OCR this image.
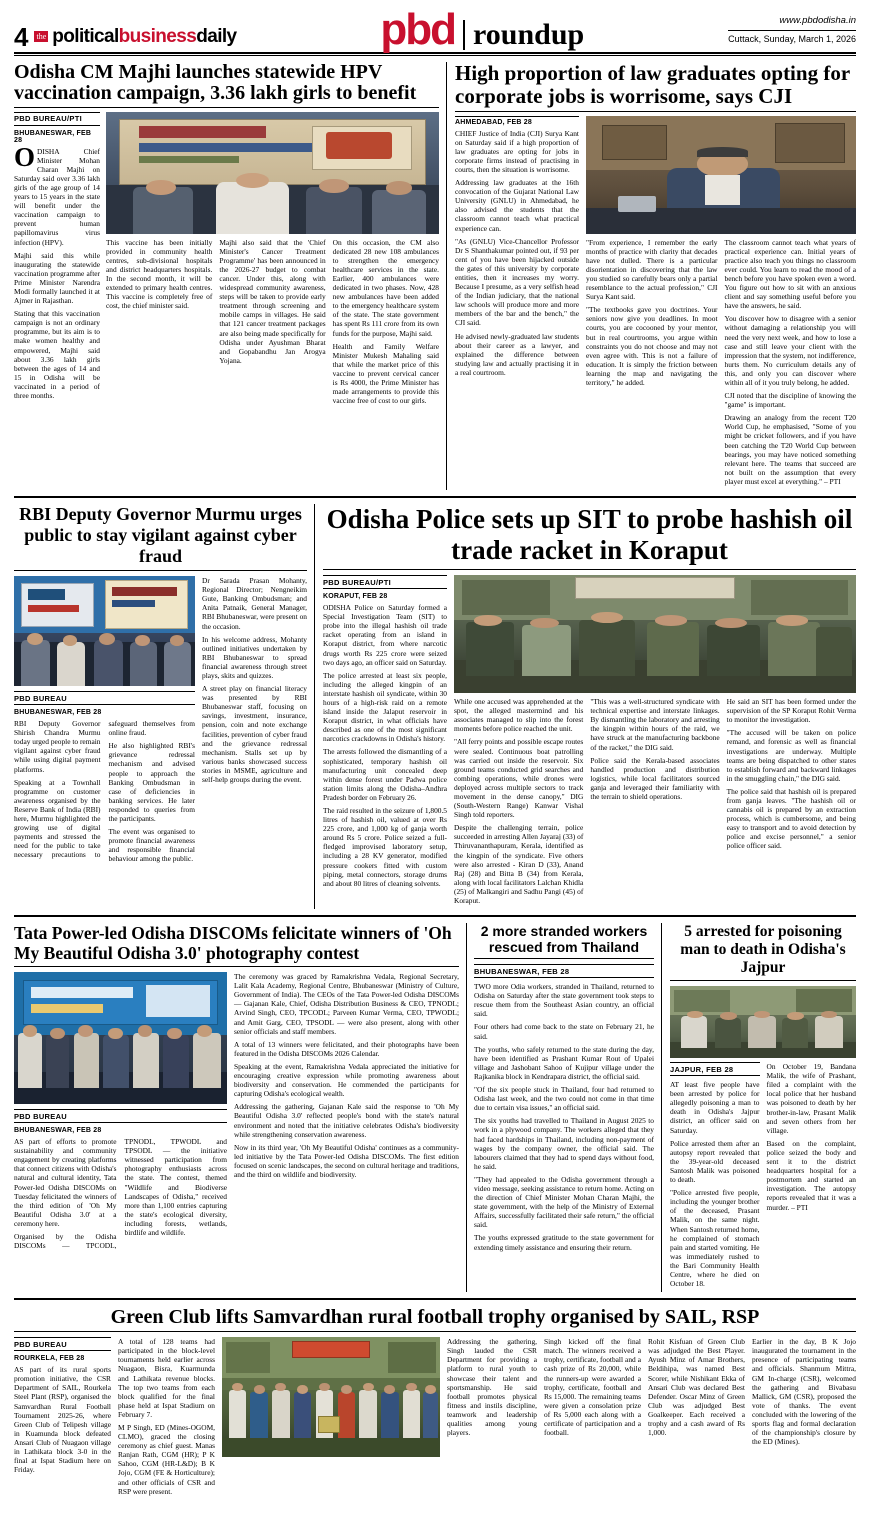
4	the political business daily	pbd roundup	www.pbdodisha.in
Cuttack, Sunday, March 1, 2026
Odisha CM Majhi launches statewide HPV vaccination campaign, 3.36 lakh girls to benefit
PBD BUREAU/PTI
BHUBANESWAR, FEB 28

ODISHA Chief Minister Mohan Charan Majhi on Saturday said over 3.36 lakh girls of the age group of 14 years to 15 years in the state will benefit under the vaccination campaign to prevent human papillomavirus virus infection (HPV).

Majhi said this while inaugurating the statewide vaccination programme after Prime Minister Narendra Modi formally launched it at Ajmer in Rajasthan.

Stating that this vaccination campaign is not an ordinary programme, but its aim is to make women healthy and empowered, Majhi said about 3.36 lakh girls between the ages of 14 and 15 in Odisha will be vaccinated in a period of three months.

This vaccine has been initially provided in community health centres, sub-divisional hospitals and district headquarters hospitals. In the second month, it will be extended to primary health centres. This vaccine is completely free of cost, the chief minister said.

Majhi also said that the 'Chief Minister's Cancer Treatment Programme' has been announced in the 2026-27 budget to combat cancer. Under this, along with widespread community awareness, steps will be taken to provide early treatment through screening and mobile camps in villages. He said that 121 cancer treatment packages are also being made specifically for Odisha under Ayushman Bharat and Gopabandhu Jan Arogya Yojana.

On this occasion, the CM also dedicated 28 new 108 ambulances to strengthen the emergency healthcare services in the state. Earlier, 400 ambulances were dedicated in two phases. Now, 428 new ambulances have been added to the emergency healthcare system of the state. The state government has spent Rs 111 crore from its own funds for the purpose, Majhi said.

Health and Family Welfare Minister Mukesh Mahaling said that while the market price of this vaccine to prevent cervical cancer is Rs 4000, the Prime Minister has made arrangements to provide this vaccine free of cost to our girls.

High proportion of law graduates opting for corporate jobs is worrisome, says CJI
AHMEDABAD, FEB 28

CHIEF Justice of India (CJI) Surya Kant on Saturday said if a high proportion of law graduates are opting for jobs in corporate firms instead of practising in courts, then the situation is worrisome.

Addressing law graduates at the 16th convocation of the Gujarat National Law University (GNLU) in Ahmedabad, he also advised the students that the classroom cannot teach what practical experience can.

"As (GNLU) Vice-Chancellor Professor Dr S Shanthakumar pointed out, if 93 per cent of you have been hijacked outside the gates of this university by corporate entities, then it increases my worry. Because I presume, as a very selfish head of the Indian judiciary, that the national law schools will produce more and more members of the bar and the bench," the CJI said.

He advised newly-graduated law students about their career as a lawyer, and explained the difference between studying law and actually practising it in a real courtroom.

"From experience, I remember the early months of practice with clarity that decades have not dulled. There is a particular disorientation in discovering that the law you studied so carefully bears only a partial resemblance to the actual profession," CJI Surya Kant said.

"The textbooks gave you doctrines. Your seniors now give you deadlines. In moot courts, you are cocooned by your mentor, but in real courtrooms, you argue within constraints you do not choose and may not even agree with. This is not a failure of education. It is simply the friction between learning the map and navigating the territory," he added.

The classroom cannot teach what years of practical experience can. Initial years of practice also teach you things no classroom ever could. You learn to read the mood of a bench before you have spoken even a word. You figure out how to sit with an anxious client and say something useful before you have the answers, he said.

You discover how to disagree with a senior without damaging a relationship you will need the very next week, and how to lose a case and still leave your client with the impression that the system, not indifference, hurts them. No curriculum details any of this, and only you can discover where within all of it you truly belong, he added.

CJI noted that the discipline of knowing the "game" is important.

Drawing an analogy from the recent T20 World Cup, he emphasised, "Some of you might be cricket followers, and if you have been catching the T20 World Cup between bearings, you may have noticed something relevant here. The teams that succeed are not built on the assumption that every player must excel at everything." – PTI

RBI Deputy Governor Murmu urges public to stay vigilant against cyber fraud
PBD BUREAU
BHUBANESWAR, FEB 28

RBI Deputy Governor Shirish Chandra Murmu today urged people to remain vigilant against cyber fraud while using digital payment platforms.

Speaking at a Townhall programme on customer awareness organised by the Reserve Bank of India (RBI) here, Murmu highlighted the growing use of digital payments and stressed the need for the public to take necessary precautions to safeguard themselves from online fraud.

He also highlighted RBI's grievance redressal mechanism and advised people to approach the Banking Ombudsman in case of deficiencies in banking services. He later responded to queries from the participants.

The event was organised to promote financial awareness and responsible financial behaviour among the public.

Dr Sarada Prasan Mohanty, Regional Director; Nengneikim Gute, Banking Ombudsman; and Anita Patnaik, General Manager, RBI Bhubaneswar, were present on the occasion.

In his welcome address, Mohanty outlined initiatives undertaken by RBI Bhubaneswar to spread financial awareness through street plays, skits and quizzes.

A street play on financial literacy was presented by RBI Bhubaneswar staff, focusing on savings, investment, insurance, pension, coin and note exchange facilities, prevention of cyber fraud and the grievance redressal mechanism. Stalls set up by various banks showcased success stories in MSME, agriculture and self-help groups during the event.

Odisha Police sets up SIT to probe hashish oil trade racket in Koraput
PBD BUREAU/PTI
KORAPUT, FEB 28

ODISHA Police on Saturday formed a Special Investigation Team (SIT) to probe into the illegal hashish oil trade racket operating from an island in Koraput district, from where narcotic drugs worth Rs 225 crore were seized two days ago, an officer said on Saturday.

The police arrested at least six people, including the alleged kingpin of an interstate hashish oil syndicate, within 30 hours of a high-risk raid on a remote island inside the Jalaput reservoir in Koraput district, in what officials have described as one of the most significant narcotics crackdowns in Odisha's history.

The arrests followed the dismantling of a sophisticated, temporary hashish oil manufacturing unit concealed deep within dense forest under Padwa police station limits along the Odisha–Andhra Pradesh border on February 26.

The raid resulted in the seizure of 1,800.5 litres of hashish oil, valued at over Rs 225 crore, and 1,000 kg of ganja worth around Rs 5 crore. Police seized a full-fledged improvised laboratory setup, including a 28 KV generator, modified pressure cookers fitted with custom piping, metal connectors, storage drums and about 80 litres of cleaning solvents.

While one accused was apprehended at the spot, the alleged mastermind and his associates managed to slip into the forest moments before police reached the unit.

"All ferry points and possible escape routes were sealed. Continuous boat patrolling was carried out inside the reservoir. Six ground teams conducted grid searches and combing operations, while drones were deployed across multiple sectors to track movement in the dense canopy," DIG (South-Western Range) Kanwar Vishal Singh told reporters.

Despite the challenging terrain, police succeeded in arresting Allen Jayaraj (33) of Thiruvananthapuram, Kerala, identified as the kingpin of the syndicate. Five others were also arrested - Kiran D (33), Anand Raj (28) and Bitta B (34) from Kerala, along with local facilitators Lalchan Khidla (25) of Malkangiri and Sadhu Pangi (45) of Koraput.

"This was a well-structured syndicate with technical expertise and interstate linkages. By dismantling the laboratory and arresting the kingpin within hours of the raid, we have struck at the manufacturing backbone of the racket," the DIG said.

Police said the Kerala-based associates handled production and distribution logistics, while local facilitators sourced ganja and leveraged their familiarity with the terrain to shield operations.

He said an SIT has been formed under the supervision of the SP Koraput Rohit Verma to monitor the investigation.

"The accused will be taken on police remand, and forensic as well as financial investigations are underway. Multiple teams are being dispatched to other states to establish forward and backward linkages in the smuggling chain," the DIG said.

The police said that hashish oil is prepared from ganja leaves. "The hashish oil or cannabis oil is prepared by an extraction process, which is cumbersome, and being easy to transport and to avoid detection by police and excise personnel," a senior police officer said.

Tata Power-led Odisha DISCOMs felicitate winners of 'Oh My Beautiful Odisha 3.0' photography contest
PBD BUREAU
BHUBANESWAR, FEB 28

AS part of efforts to promote sustainability and community engagement by creating platforms that connect citizens with Odisha's natural and cultural identity, Tata Power-led Odisha DISCOMs on Tuesday felicitated the winners of the third edition of 'Oh My Beautiful Odisha 3.0' at a ceremony here.

Organised by the Odisha DISCOMs — TPCODL, TPNODL, TPWODL and TPSODL — the initiative witnessed participation from photography enthusiasts across the state. The contest, themed "Wildlife and Biodiverse Landscapes of Odisha," received more than 1,100 entries capturing the state's ecological diversity, including forests, wetlands, birdlife and wildlife.

The ceremony was graced by Ramakrishna Vedala, Regional Secretary, Lalit Kala Academy, Regional Centre, Bhubaneswar (Ministry of Culture, Government of India). The CEOs of the Tata Power-led Odisha DISCOMs — Gajanan Kale, Chief, Odisha Distribution Business & CEO, TPNODL; Arvind Singh, CEO, TPCODL; Parveen Kumar Verma, CEO, TPWODL; and Amit Garg, CEO, TPSODL — were also present, along with other senior officials and staff members.

A total of 13 winners were felicitated, and their photographs have been featured in the Odisha DISCOMs 2026 Calendar.

Speaking at the event, Ramakrishna Vedala appreciated the initiative for encouraging creative expression while promoting awareness about biodiversity and conservation. He commended the participants for capturing Odisha's ecological wealth.

Addressing the gathering, Gajanan Kale said the response to 'Oh My Beautiful Odisha 3.0' reflected people's bond with the state's natural environment and noted that the initiative celebrates Odisha's biodiversity while strengthening conservation awareness.

Now in its third year, 'Oh My Beautiful Odisha' continues as a community-led initiative by the Tata Power-led Odisha DISCOMs. The first edition focused on scenic landscapes, the second on cultural heritage and traditions, and the third on wildlife and biodiversity.

2 more stranded workers rescued from Thailand
BHUBANESWAR, FEB 28

TWO more Odia workers, stranded in Thailand, returned to Odisha on Saturday after the state government took steps to rescue them from the Southeast Asian country, an official said.

Four others had come back to the state on February 21, he said.

The youths, who safely returned to the state during the day, have been identified as Prashant Kumar Rout of Upalei village and Jashobant Sahoo of Kujipur village under the Rajkanika block in Kendrapara district, the official said.

"Of the six people stuck in Thailand, four had returned to Odisha last week, and the two could not come in that time due to certain visa issues," an official said.

The six youths had travelled to Thailand in August 2025 to work in a plywood company. The workers alleged that they had faced hardships in Thailand, including non-payment of wages by the company owner, the official said. The labourers claimed that they had to spend days without food, he said.

"They had appealed to the Odisha government through a video message, seeking assistance to return home. Acting on the direction of Chief Minister Mohan Charan Majhi, the state government, with the help of the Ministry of External Affairs, successfully facilitated their safe return," the official said.

The youths expressed gratitude to the state government for extending timely assistance and ensuring their return.

5 arrested for poisoning man to death in Odisha's Jajpur
JAJPUR, FEB 28

AT least five people have been arrested by police for allegedly poisoning a man to death in Odisha's Jajpur district, an officer said on Saturday.

Police arrested them after an autopsy report revealed that the 39-year-old deceased Santosh Malik was poisoned to death.

"Police arrested five people, including the younger brother of the deceased, Prasant Malik, on the same night. When Santosh returned home, he complained of stomach pain and started vomiting. He was immediately rushed to the Bari Community Health Centre, where he died on October 18.

On October 19, Bandana Malik, the wife of Prashant, filed a complaint with the local police that her husband was poisoned to death by her brother-in-law, Prasant Malik and seven others from her village.

Based on the complaint, police seized the body and sent it to the district headquarters hospital for a postmortem and started an investigation. The autopsy reports revealed that it was a murder. – PTI

Green Club lifts Samvardhan rural football trophy organised by SAIL, RSP
PBD BUREAU
ROURKELA, FEB 28

AS part of its rural sports promotion initiative, the CSR Department of SAIL, Rourkela Steel Plant (RSP), organised the Samvardhan Rural Football Tournament 2025-26, where Green Club of Telipesh village in Kuamunda block defeated Ansari Club of Nuagaon village in Lathikata block 3-0 in the final at Ispat Stadium here on Friday.

A total of 128 teams had participated in the block-level tournaments held earlier across Nuagaon, Bisra, Kuarmunda and Lathikata revenue blocks. The top two teams from each block qualified for the final phase held at Ispat Stadium on February 7.

M P Singh, ED (Mines-OGOM, CLMO), graced the closing ceremony as chief guest. Manas Ranjan Rath, CGM (HR); P K Sahoo, CGM (HR-L&D); B K Jojo, CGM (FE & Horticulture); and other officials of CSR and RSP were present.

Addressing the gathering, Singh lauded the CSR Department for providing a platform to rural youth to showcase their talent and sportsmanship. He said football promotes physical fitness and instils discipline, teamwork and leadership qualities among young players.

Singh kicked off the final match. The winners received a trophy, certificate, football and a cash prize of Rs 20,000, while the runners-up were awarded a trophy, certificate, football and Rs 15,000. The remaining teams were given a consolation prize of Rs 5,000 each along with a certificate of participation and a football.

Rohit Kisfuan of Green Club was adjudged the Best Player. Ayush Minz of Amar Brothers, Beldihipa, was named Best Scorer, while Nishikant Ekka of Ansari Club was declared Best Defender. Oscar Minz of Green Club was adjudged Best Goalkeeper. Each received a trophy and a cash award of Rs 1,000.

Earlier in the day, B K Jojo inaugurated the tournament in the presence of participating teams and officials. Shanmum Mittra, GM In-charge (CSR), welcomed the gathering and Bivabasu Mallick, GM (CSR), proposed the vote of thanks. The event concluded with the lowering of the sports flag and formal declaration of the championship's closure by the ED (Mines).
